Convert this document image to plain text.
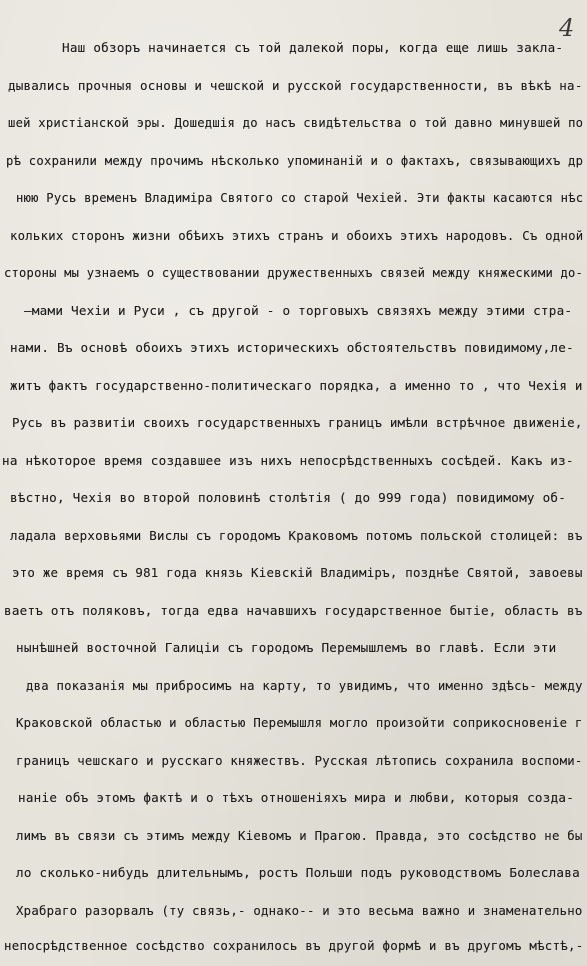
4
Наш обзоръ начинается съ той далекой поры, когда еще лишь закла-
дывались прочныя основы и чешской и русской государственности, въ вѣкѣ на-
шей христіанской эры. Дошедшія до насъ свидѣтельства о той давно минувшей по
рѣ сохранили между прочимъ нѣсколько упоминаній и о фактахъ, связывающихъ др
нюю Русь временъ Владиміра Святого со старой Чехіей. Эти факты касаются нѣс
кольких сторонъ жизни обѣихъ этихъ странъ и обоихъ этихъ народовъ. Съ одной
стороны мы узнаемъ о существовании дружественныхъ связей между княжескими до-
—мами Чехіи и Руси , съ другой - о торговыхъ связяхъ между этими стра-
нами. Въ основѣ обоихъ этихъ историческихъ обстоятельствъ повидимому,ле-
житъ фактъ государственно-политическаго порядка, а именно то , что Чехія и
Русь въ развитіи своихъ государственныхъ границъ имѣли встрѣчное движеніе,
на нѣкоторое время создавшее изъ нихъ непосрѣдственныхъ сосѣдей. Какъ из-
вѣстно, Чехія во второй половинѣ столѣтія ( до 999 года) повидимому об-
ладала верховьями Вислы съ городомъ Краковомъ потомъ польской столицей: въ
это же время съ 981 года князь Кіевскій Владиміръ, позднѣе Святой, завоевы
ваетъ отъ поляковъ, тогда едва начавшихъ государственное бытіе, область въ
нынѣшней восточной Галиціи съ городомъ Перемышлемъ во главѣ. Если эти
два показанія мы прибросимъ на карту, то увидимъ, что именно здѣсь- между
Краковской областью и областью Перемышля могло произойти соприкосновеніе г
границъ чешскаго и русскаго княжествъ. Русская лѣтопись сохранила воспоми-
наніе объ этомъ фактѣ и о тѣхъ отношеніяхъ мира и любви, которыя созда-
лимъ въ связи съ этимъ между Кіевомъ и Прагою. Правда, это сосѣдство не бы
ло сколько-нибудь длительнымъ, ростъ Польши подъ руководствомъ Болеслава
Храбраго разорвалъ (ту связь,- однако-- и это весьма важно и знаменательно
непосрѣдственное сосѣдство сохранилось въ другой формѣ и въ другомъ мѣстѣ,-
